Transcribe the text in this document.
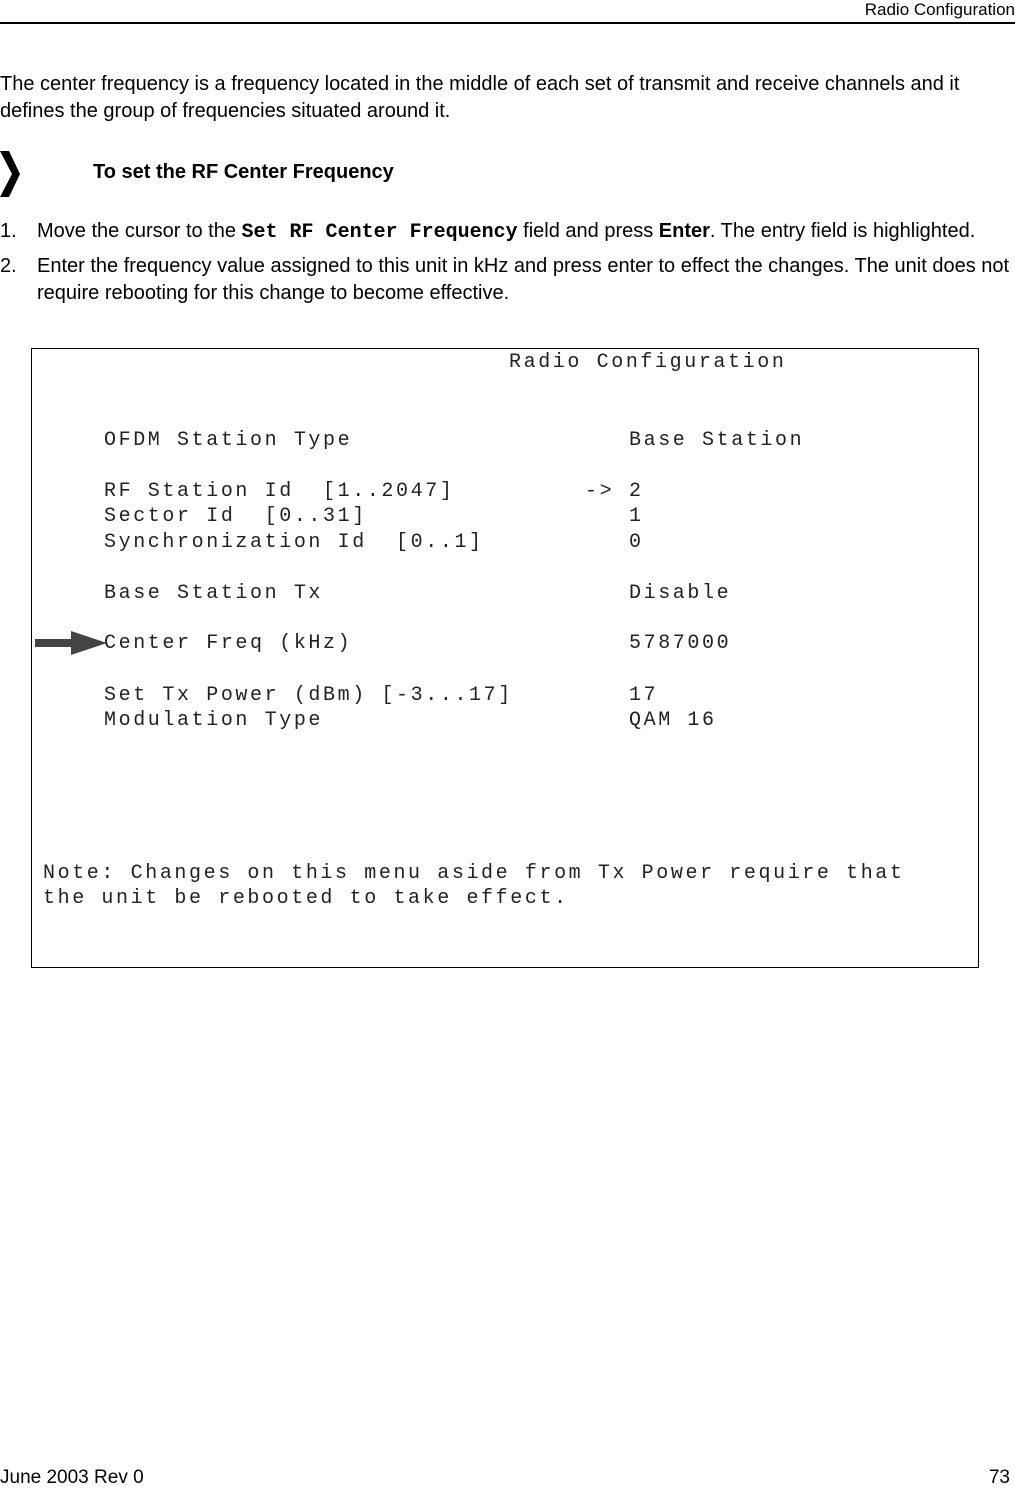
Radio Configuration

The center frequency is a frequency located in the middle of each set of transmit and receive channels and it defines the group of frequencies situated around it.

To set the RF Center Frequency

1. Move the cursor to the Set RF Center Frequency field and press Enter. The entry field is highlighted.
2. Enter the frequency value assigned to this unit in kHz and press enter to effect the changes. The unit does not require rebooting for this change to become effective.
Radio Configuration
OFDM Station Type	Base Station
RF Station Id  [1..2047]	-> 2
Sector Id  [0..31]	1
Synchronization Id  [0..1]	0
Base Station Tx	Disable
Center Freq (kHz)	5787000
Set Tx Power (dBm) [-3...17]	17
Modulation Type	QAM 16
Note: Changes on this menu aside from Tx Power require that
the unit be rebooted to take effect.
June 2003 Rev 0	73
